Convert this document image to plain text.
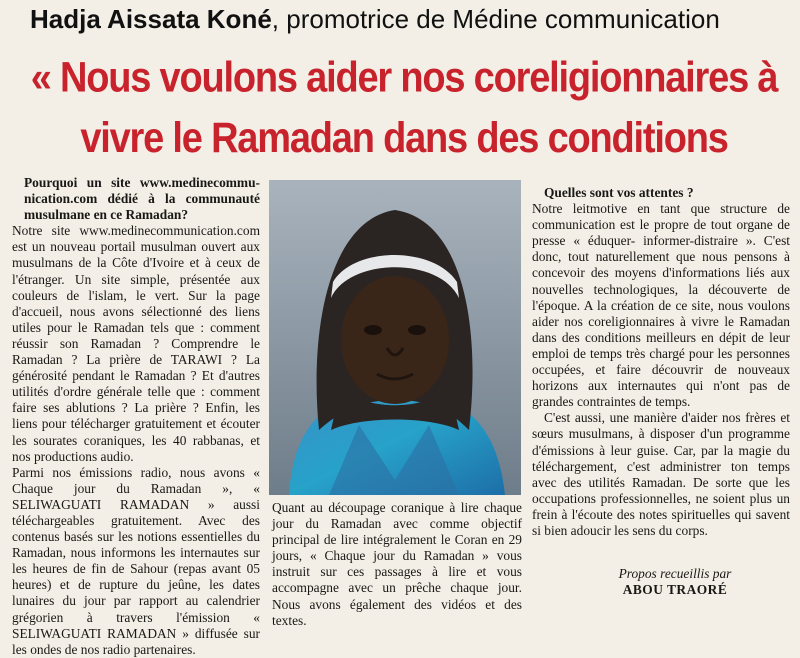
Hadja Aissata Koné, promotrice de Médine communication
« Nous voulons aider nos coreligionnaires à vivre le Ramadan dans des conditions

Pourquoi un site www.medinecommunication.com dédié à la communauté musulmane en ce Ramadan?

Notre site www.medinecommunication.com est un nouveau portail musulman ouvert aux musulmans de la Côte d'Ivoire et à ceux de l'étranger. Un site simple, présentée aux couleurs de l'islam, le vert. Sur la page d'accueil, nous avons sélectionné des liens utiles pour le Ramadan tels que : comment réussir son Ramadan ? Comprendre le Ramadan ? La prière de TARAWI ? La générosité pendant le Ramadan ? Et d'autres utilités d'ordre générale telle que : comment faire ses ablutions ? La prière ? Enfin, les liens pour télécharger gratuitement et écouter les sourates coraniques, les 40 rabbanas, et nos productions audio.

Parmi nos émissions radio, nous avons « Chaque jour du Ramadan », « SELIWAGUATI RAMADAN » aussi téléchargeables gratuitement. Avec des contenus basés sur les notions essentielles du Ramadan, nous informons les internautes sur les heures de fin de Sahour (repas avant 05 heures) et de rupture du jeûne, les dates lunaires du jour par rapport au calendrier grégorien à travers l'émission « SELIWAGUATI RAMADAN » diffusée sur les ondes de nos radio partenaires.

Quant au découpage coranique à lire chaque jour du Ramadan avec comme objectif principal de lire intégralement le Coran en 29 jours, « Chaque jour du Ramadan » vous instruit sur ces passages à lire et vous accompagne avec un prêche chaque jour. Nous avons également des vidéos et des textes.

Quelles sont vos attentes ?

Notre leitmotive en tant que structure de communication est le propre de tout organe de presse « éduquer- informer-distraire ». C'est donc, tout naturellement que nous pensons à concevoir des moyens d'informations liés aux nouvelles technologiques, la découverte de l'époque. A la création de ce site, nous voulons aider nos coreligionnaires à vivre le Ramadan dans des conditions meilleurs en dépit de leur emploi de temps très chargé pour les personnes occupées, et faire découvrir de nouveaux horizons aux internautes qui n'ont pas de grandes contraintes de temps.

C'est aussi, une manière d'aider nos frères et sœurs musulmans, à disposer d'un programme d'émissions à leur guise. Car, par la magie du téléchargement, c'est administrer ton temps avec des utilités Ramadan. De sorte que les occupations professionnelles, ne soient plus un frein à l'écoute des notes spirituelles qui savent si bien adoucir les sens du corps.

Propos recueillis par
ABOU TRAORÉ
